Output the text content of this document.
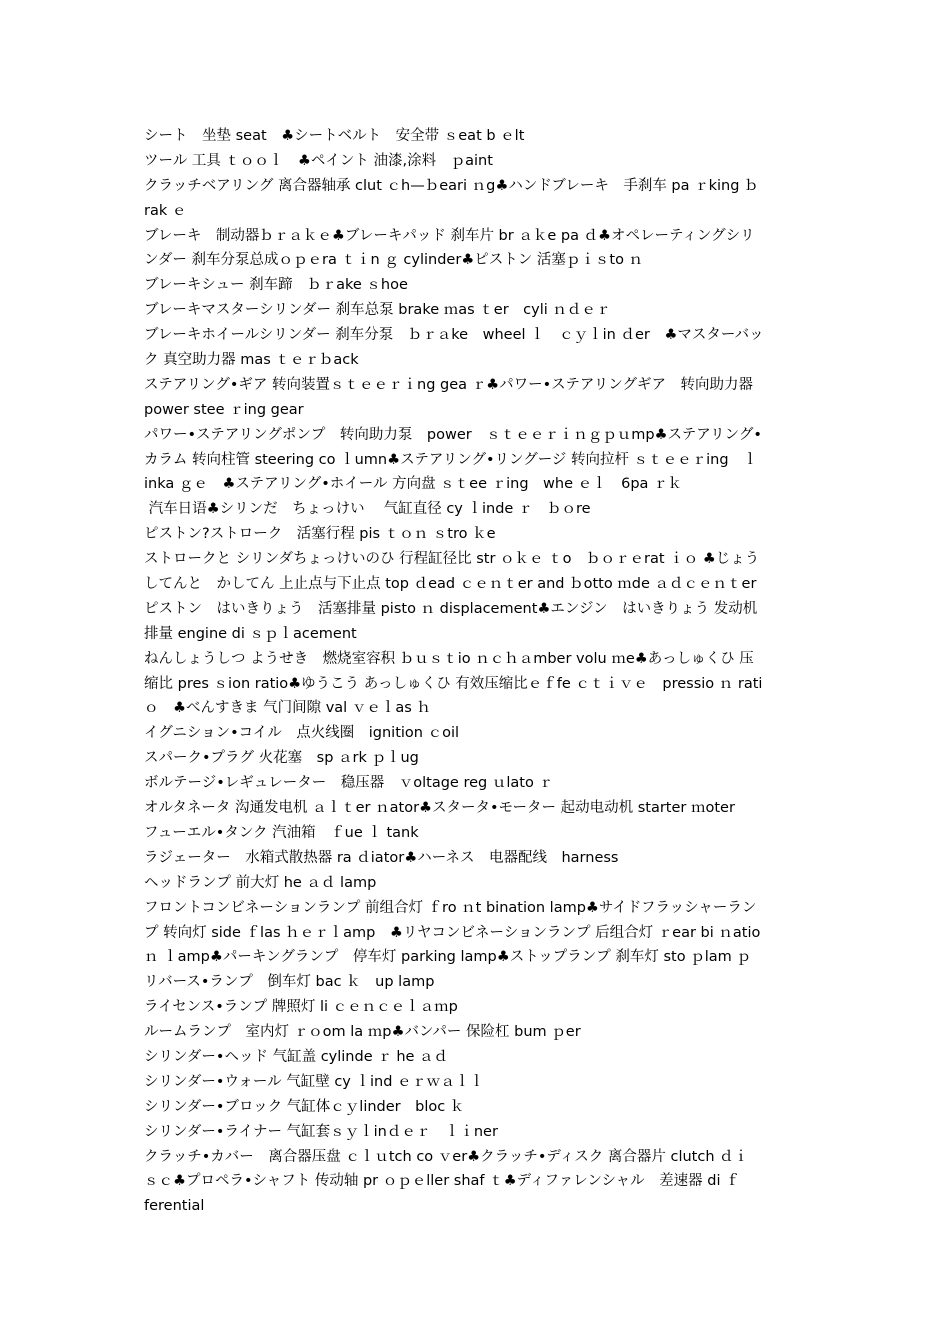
シート　坐垫 seat　♣シートベルト　安全带 ｓeat b ｅlt
ツール 工具 ｔｏｏｌ　♣ペイント 油漆,涂料　ｐaint
クラッチベアリング 离合器轴承 clut ｃh—ｂeari ｎg♣ハンドブレーキ　手刹车 pa ｒking ｂ
rak ｅ
ブレーキ　制动器ｂｒａｋｅ♣ブレーキパッド 刹车片 br ａｋe pa ｄ♣オペレーティングシリ
ンダー 刹车分泵总成ｏｐｅra ｔｉn ｇ cylinder♣ピストン 活塞ｐｉｓto ｎ
ブレーキシュー 刹车蹄　ｂｒake ｓhoe
ブレーキマスターシリンダー 刹车总泵 brake ｍas ｔer　cyli ｎｄｅｒ
ブレーキホイールシリンダー 刹车分泵　ｂｒａke　wheel ｌ　ｃｙｌin ｄer　♣マスターバッ
ク 真空助力器 mas ｔｅｒｂack
ステアリング•ギア 转向装置ｓｔｅｅｒｉng gea ｒ♣パワー•ステアリングギア　转向助力器
power stee ｒing gear
パワー•ステアリングポンプ　转向助力泵　power　ｓｔｅｅｒｉｎｇｐｕmp♣ステアリング•
カラム 转向柱管 steering co ｌumn♣ステアリング•リングージ 转向拉杆 ｓｔｅｅｒing　ｌ
inka ｇｅ　♣ステアリング•ホイール 方向盘 ｓｔee ｒing　whe ｅｌ　6pa ｒｋ
汽车日语♣シリンだ　ちょっけい　 气缸直径 cy ｌinde ｒ　ｂｏre
ピストン?ストローク　活塞行程 pis ｔｏｎ ｓtro ｋe
ストロークと シリンダちょっけいのひ 行程缸径比 str ｏｋｅ ｔo　ｂｏｒｅrat ｉｏ ♣じょう
してんと　かしてん 上止点与下止点 top ｄead ｃｅｎｔer and ｂotto ｍde ａｄｃｅｎｔer
ピストン　はいきりょう　活塞排量 pisto ｎ displacement♣エンジン　はいきりょう 发动机
排量 engine di ｓｐｌacement
ねんしょうしつ ようせき　燃烧室容积 ｂｕｓｔio ｎｃｈａmber volu ｍe♣あっしゅくひ 压
缩比 pres ｓion ratio♣ゆうこう あっしゅくひ 有效压缩比ｅｆfe ｃｔｉｖｅ　pressio ｎ rati
ｏ　♣べんすきま 气门间隙 val ｖｅｌas ｈ
イグニション•コイル　点火线圈　ignition ｃoil
スパーク•プラグ 火花塞　sp ａrk ｐｌug
ボルテージ•レギュレーター　稳压器　ｖoltage reg ｕlato ｒ
オルタネータ 沟通发电机 ａｌｔer ｎator♣スタータ•モーター 起动电动机 starter ｍoter
フューエル•タンク 汽油箱　ｆue ｌ tank
ラジェーター　水箱式散热器 ra ｄiator♣ハーネス　电器配线　harness
ヘッドランプ 前大灯 he ａｄ lamp
フロントコンビネーションランプ 前组合灯 ｆro ｎt bination lamp♣サイドフラッシャーラン
プ 转向灯 side ｆlas ｈｅｒｌamp　♣リヤコンビネーションランプ 后组合灯 ｒear bi ｎatio
ｎ ｌamp♣パーキングランプ　停车灯 parking lamp♣ストップランプ 刹车灯 sto ｐlam ｐ
リバース•ランプ　倒车灯 bac ｋ　up lamp
ライセンス•ランプ 牌照灯 li ｃｅｎｃｅｌａｍp
ルームランプ　室内灯 ｒｏom la ｍp♣バンパー 保险杠 bum ｐer
シリンダー•ヘッド 气缸盖 cylinde ｒ he ａｄ
シリンダー•ウォール 气缸壁 cy ｌind ｅｒｗａｌｌ
シリンダー•ブロック 气缸体ｃｙlinder　bloc ｋ
シリンダー•ライナー 气缸套ｓｙｌinｄｅｒ　ｌｉner
クラッチ•カバー　离合器压盘 ｃｌｕtch co ｖer♣クラッチ•ディスク 离合器片 clutch ｄｉ
ｓｃ♣プロペラ•シャフト 传动轴 pr ｏｐｅller shaf ｔ♣ディファレンシャル　差速器 di ｆ
ferential
